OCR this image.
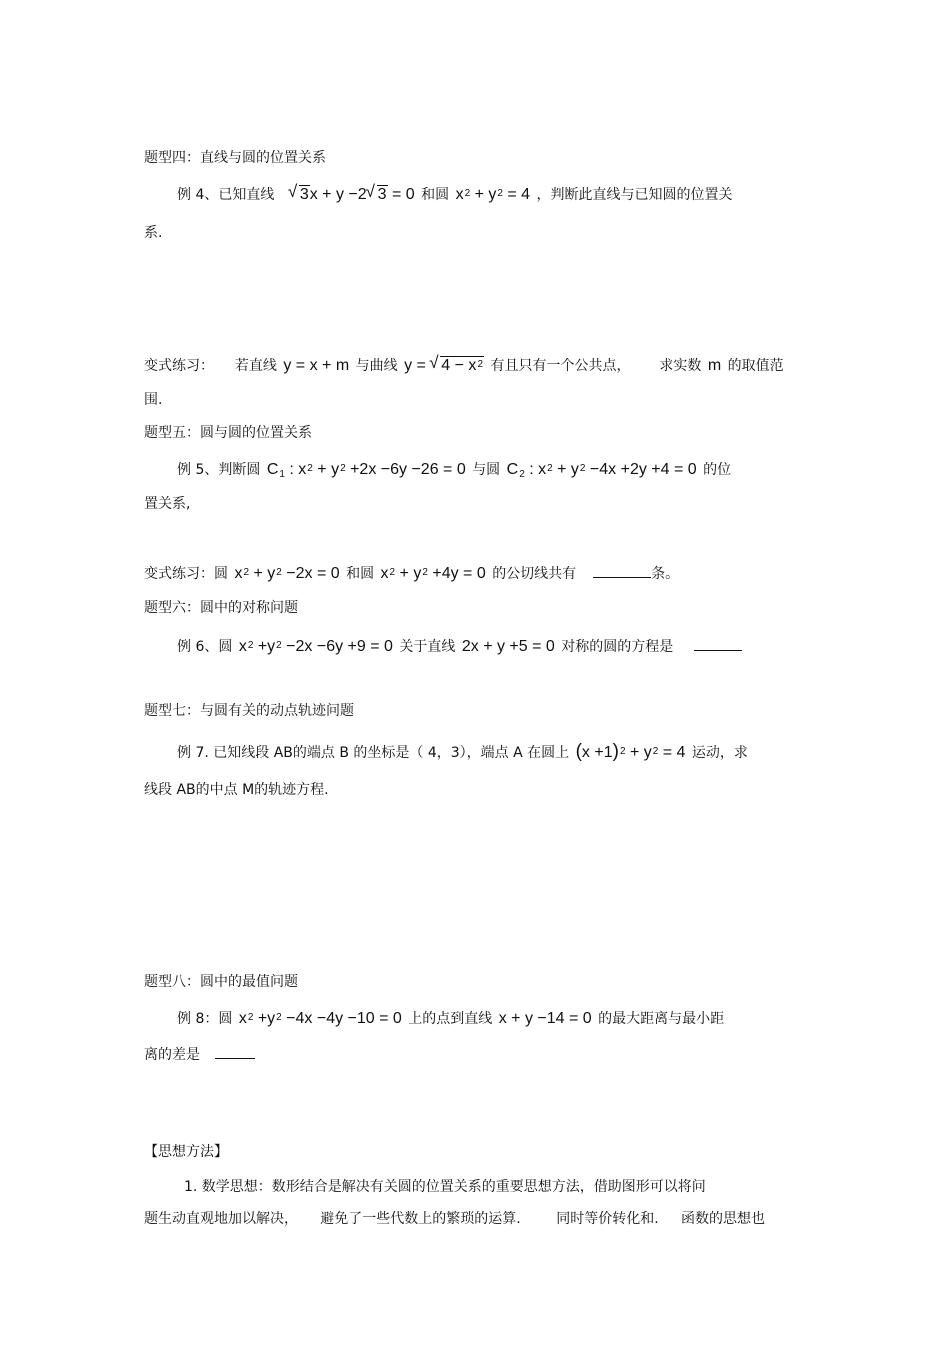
题型四：直线与圆的位置关系
例 4、已知直线 √ 3x + y −2 √ 3 = 0 和圆 $x^2 + y^2 = 4$ ，判断此直线与已知圆的位置关
系.
变式练习： 若直线 y = x + m 与曲线 y = √ $4 - x^2$ 有且只有一个公共点， 求实数 m 的取值范
围.
题型五：圆与圆的位置关系
例 5、判断圆 $C_1$ : $x^2 + y^2 +2x -6y -26 = 0$ 与圆 $C_2$ : $x^2 + y^2 -4x +2y +4 = 0$ 的位
置关系,
变式练习：圆 $x^2 + y^2 -2x = 0$ 和圆 $x^2 + y^2 +4y = 0$ 的公切线共有	条。
题型六：圆中的对称问题
例 6、圆 $x^2 +y^2 -2x -6y +9 = 0$ 关于直线 2x + y +5 = 0 对称的圆的方程是
题型七：与圆有关的动点轨迹问题
例 7. 已知线段 AB的端点 B 的坐标是（ 4，3），端点 A 在圆上 $(x +1)^2 + y^2 = 4$ 运动，求
线段 AB的中点 M的轨迹方程.
题型八：圆中的最值问题
例 8：圆 $x^2 +y^2 -4x -4y -10 = 0$ 上的点到直线 x + y −14 = 0 的最大距离与最小距
离的差是
【思想方法】
1. 数学思想：数形结合是解决有关圆的位置关系的重要思想方法，借助图形可以将问
题生动直观地加以解决，     避免了一些代数上的繁琐的运算.        同时等价转化和.     函数的思想也
